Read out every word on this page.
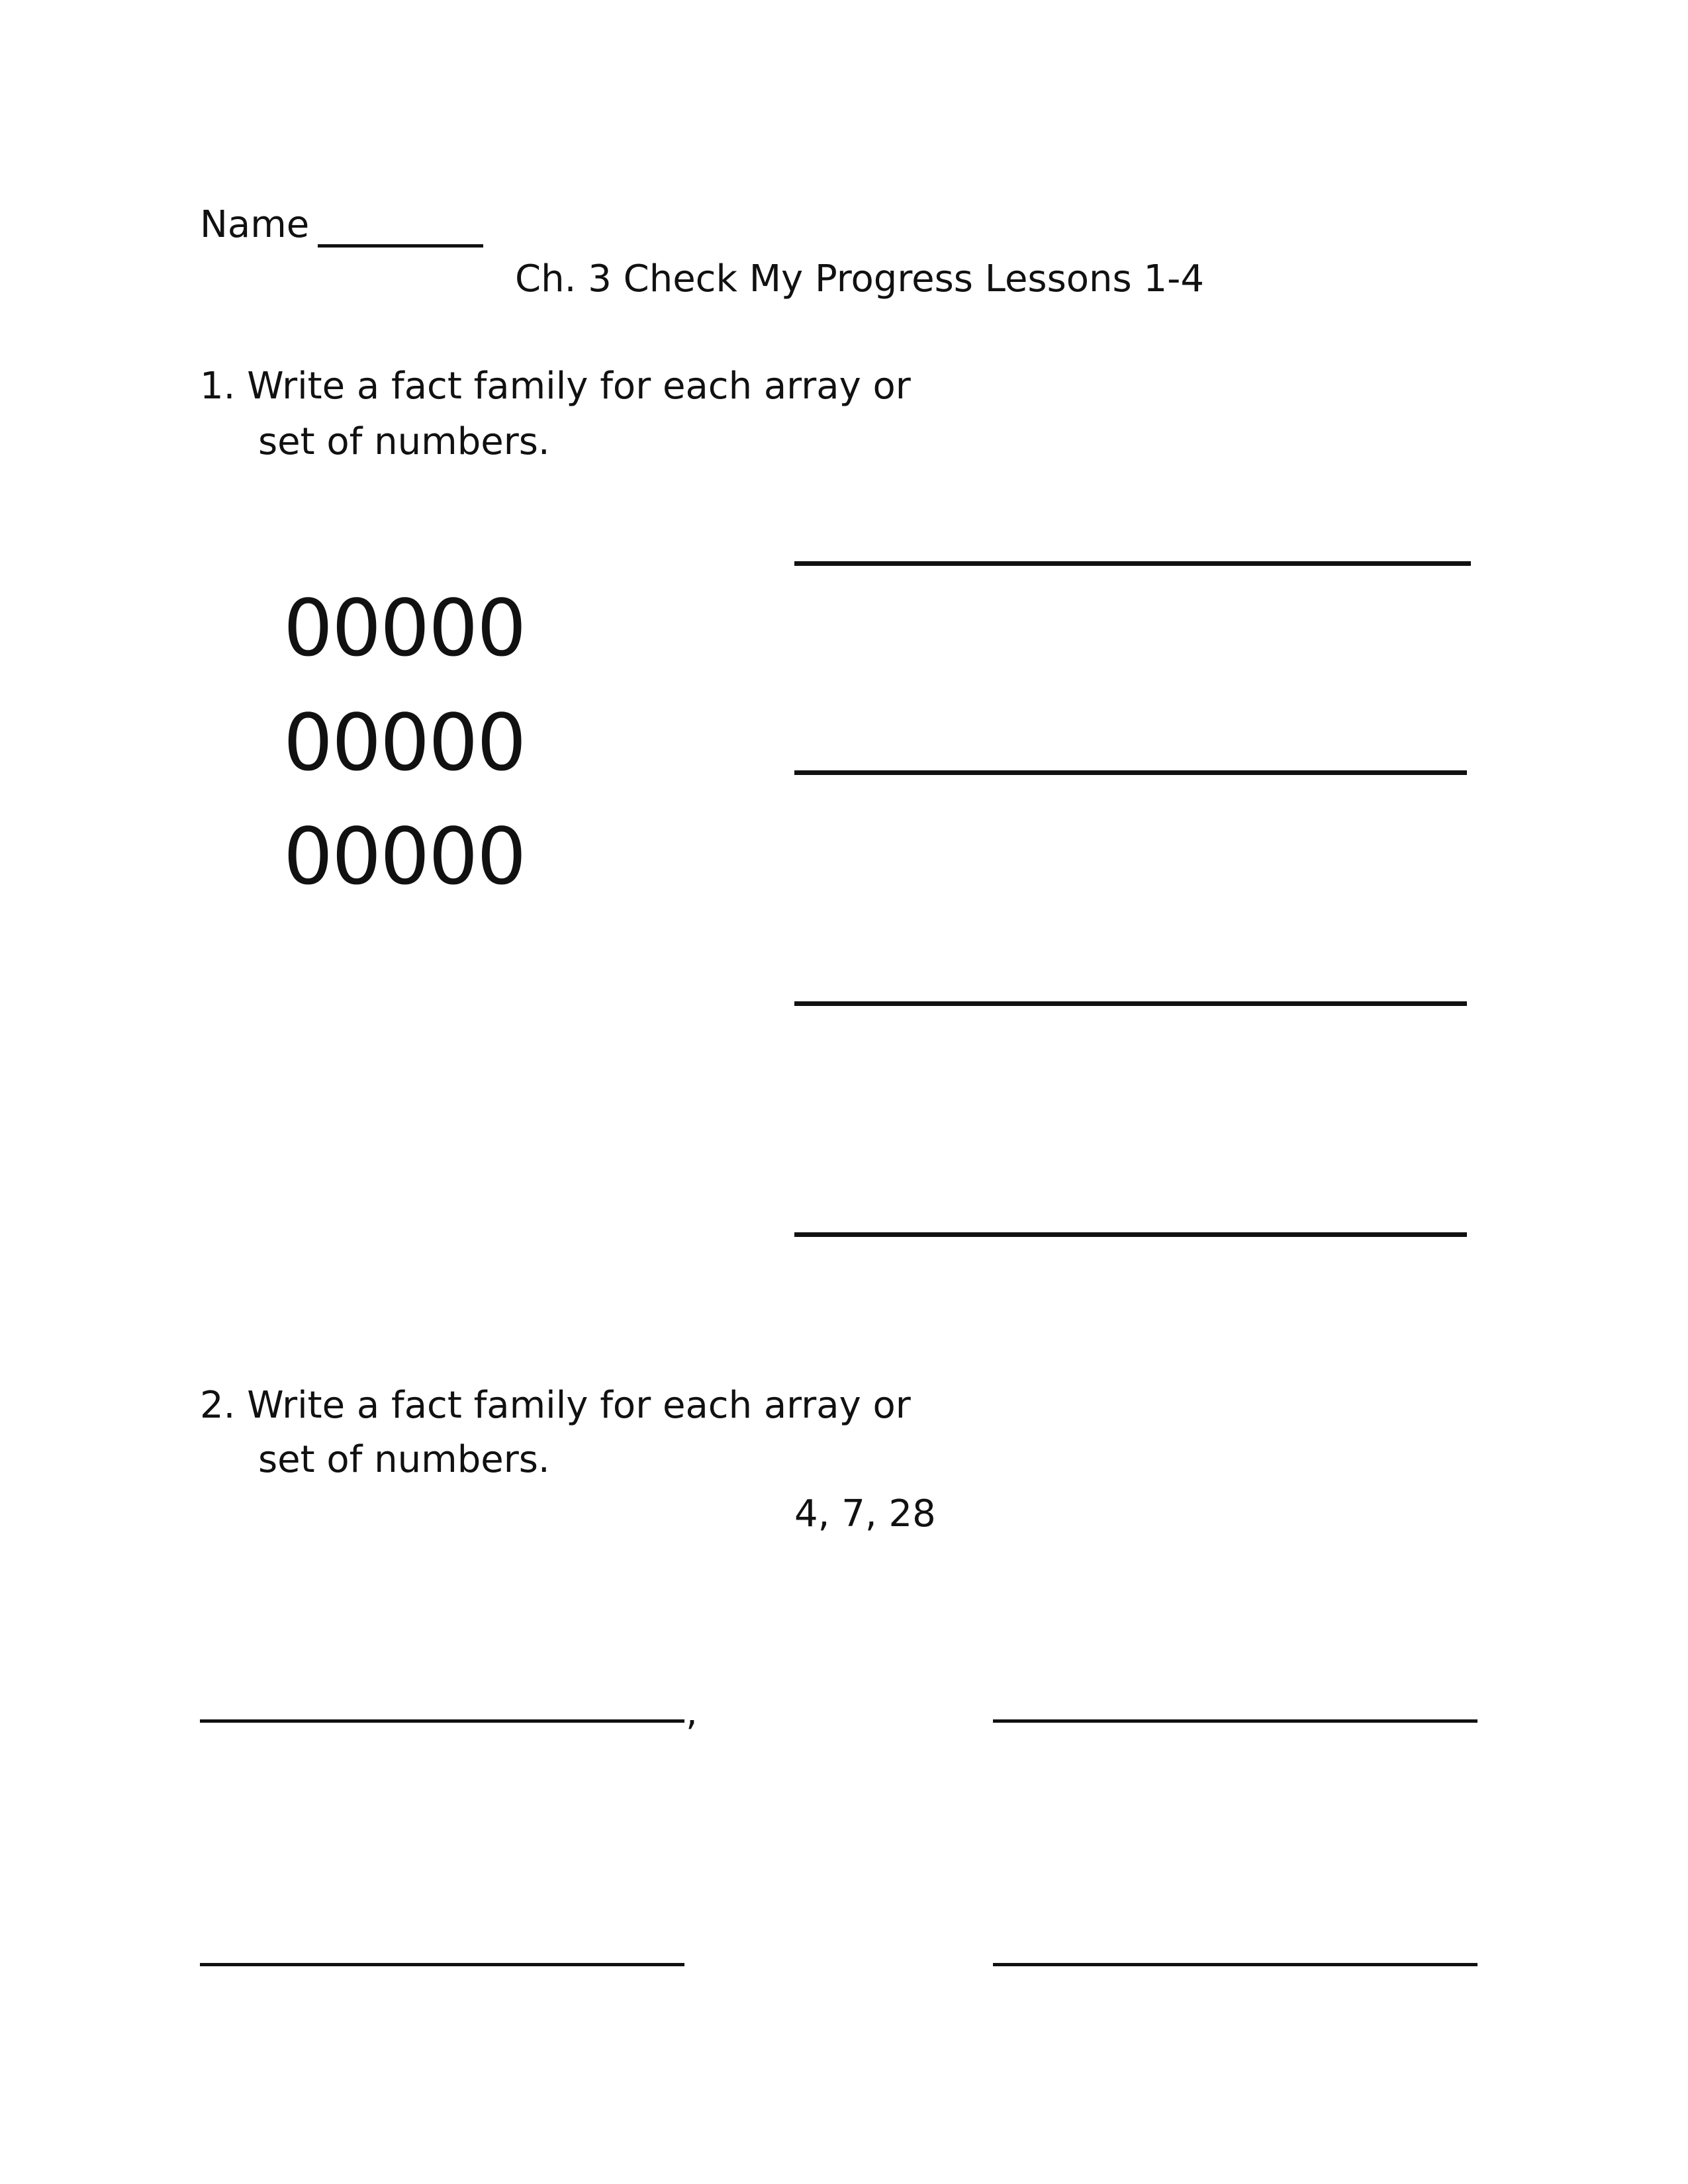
Name
Ch. 3 Check My Progress Lessons 1-4
1. Write a fact family for each array or
set of numbers.
00000
00000
00000
2. Write a fact family for each array or
set of numbers.
4, 7, 28
,
